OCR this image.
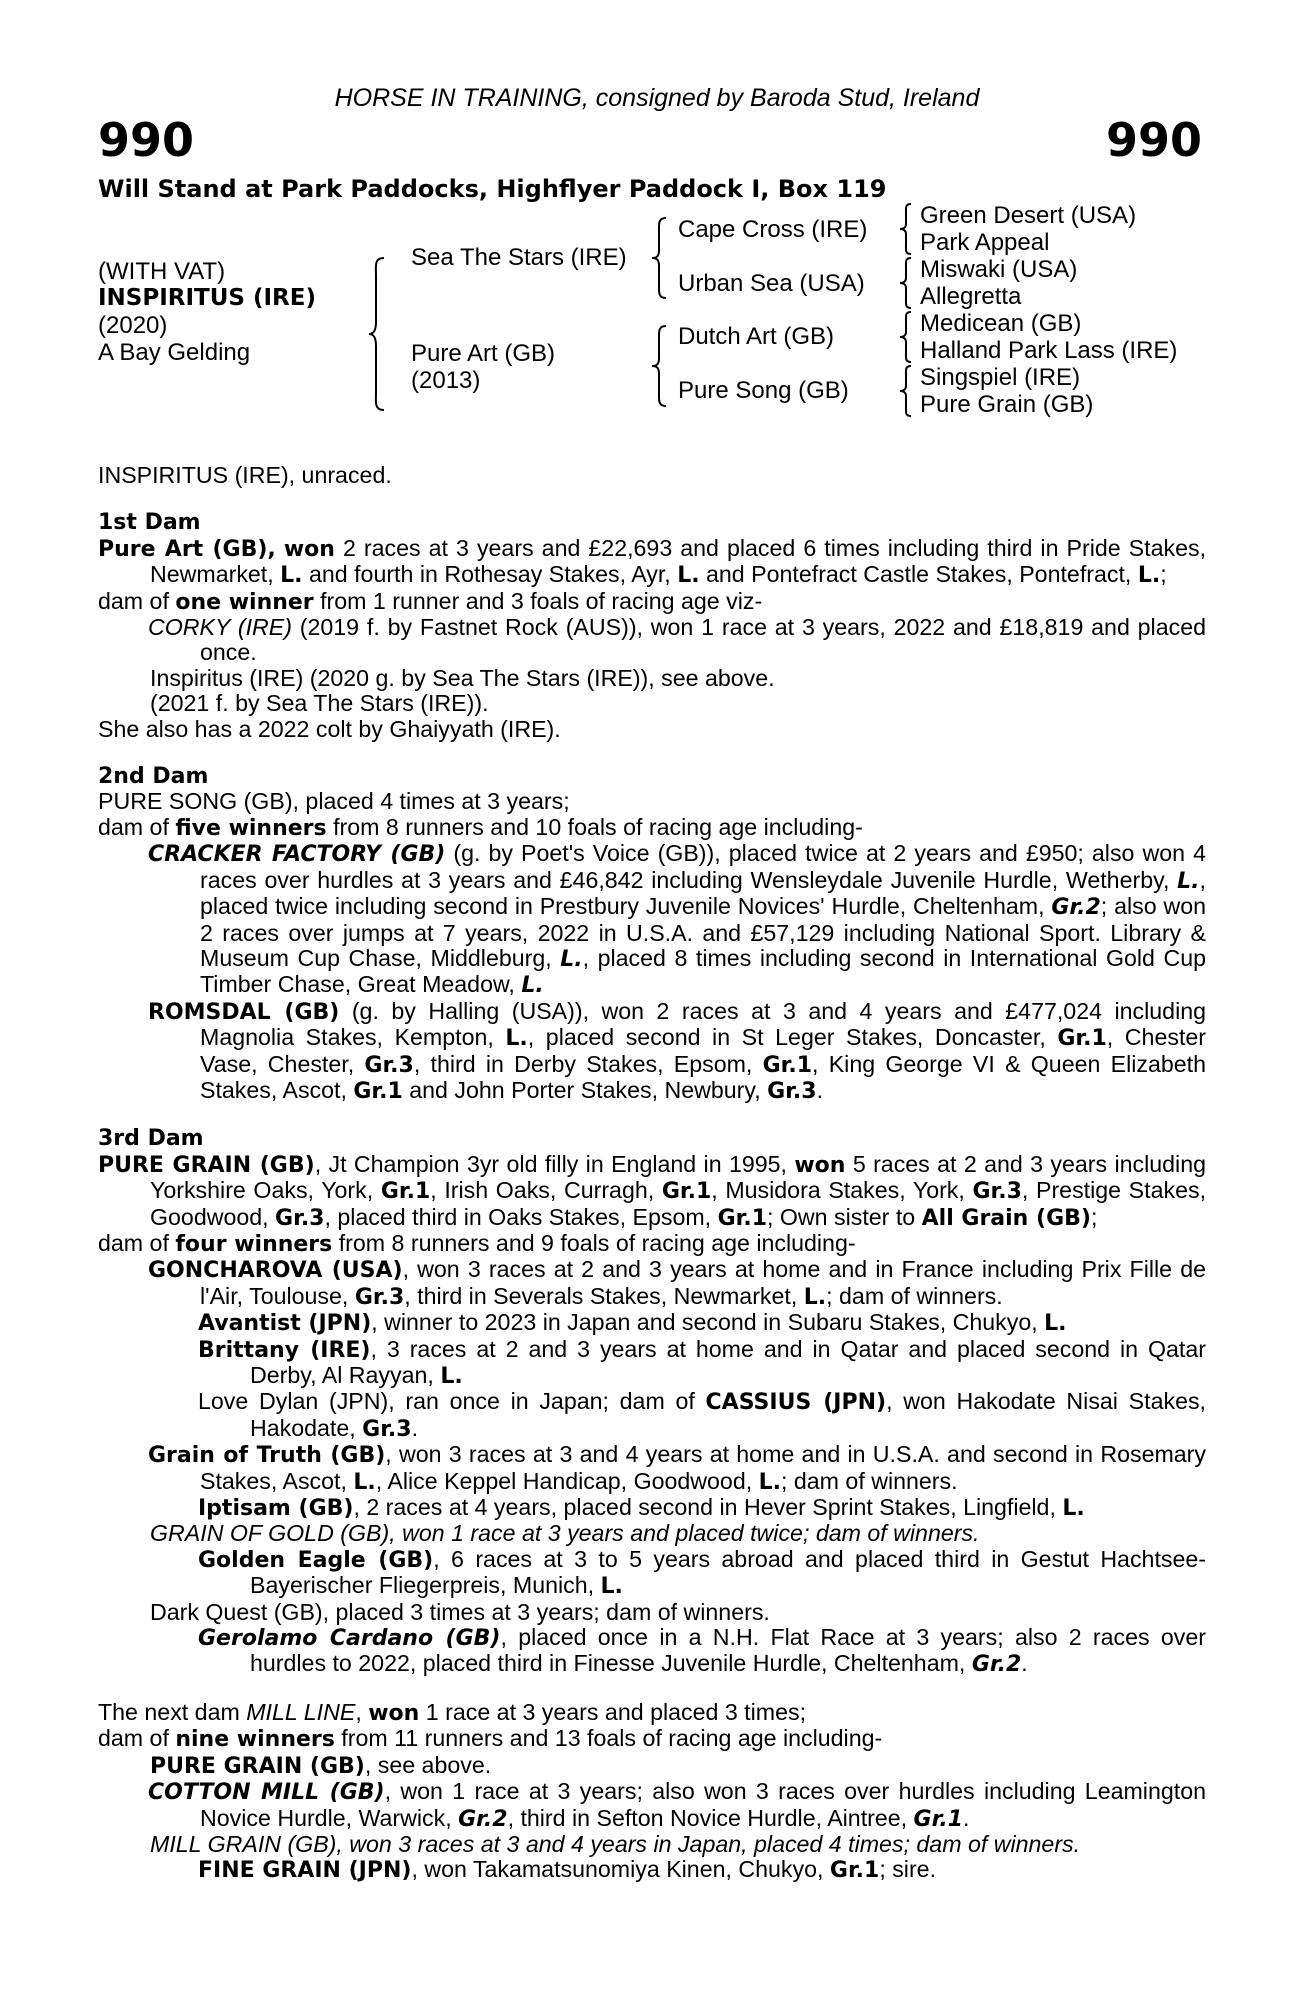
HORSE IN TRAINING, consigned by Baroda Stud, Ireland
990	990
Will Stand at Park Paddocks, Highflyer Paddock I, Box 119
(WITH VAT)
INSPIRITUS (IRE)
(2020)
A Bay Gelding
Sea The Stars (IRE)
Pure Art (GB)
(2013)
Cape Cross (IRE)
Urban Sea (USA)
Dutch Art (GB)
Pure Song (GB)
Green Desert (USA)
Park Appeal
Miswaki (USA)
Allegretta
Medicean (GB)
Halland Park Lass (IRE)
Singspiel (IRE)
Pure Grain (GB)

INSPIRITUS (IRE), unraced.

1st Dam

Pure Art (GB), won 2 races at 3 years and £22,693 and placed 6 times including third in Pride Stakes, Newmarket, L. and fourth in Rothesay Stakes, Ayr, L. and Pontefract Castle Stakes, Pontefract, L.;

dam of one winner from 1 runner and 3 foals of racing age viz-

CORKY (IRE) (2019 f. by Fastnet Rock (AUS)), won 1 race at 3 years, 2022 and £18,819 and placed once.

Inspiritus (IRE) (2020 g. by Sea The Stars (IRE)), see above.

(2021 f. by Sea The Stars (IRE)).

She also has a 2022 colt by Ghaiyyath (IRE).

2nd Dam

PURE SONG (GB), placed 4 times at 3 years;

dam of five winners from 8 runners and 10 foals of racing age including-

CRACKER FACTORY (GB) (g. by Poet's Voice (GB)), placed twice at 2 years and £950; also won 4 races over hurdles at 3 years and £46,842 including Wensleydale Juvenile Hurdle, Wetherby, L., placed twice including second in Prestbury Juvenile Novices' Hurdle, Cheltenham, Gr.2; also won 2 races over jumps at 7 years, 2022 in U.S.A. and £57,129 including National Sport. Library & Museum Cup Chase, Middleburg, L., placed 8 times including second in International Gold Cup Timber Chase, Great Meadow, L.

ROMSDAL (GB) (g. by Halling (USA)), won 2 races at 3 and 4 years and £477,024 including Magnolia Stakes, Kempton, L., placed second in St Leger Stakes, Doncaster, Gr.1, Chester Vase, Chester, Gr.3, third in Derby Stakes, Epsom, Gr.1, King George VI & Queen Elizabeth Stakes, Ascot, Gr.1 and John Porter Stakes, Newbury, Gr.3.

3rd Dam

PURE GRAIN (GB), Jt Champion 3yr old filly in England in 1995, won 5 races at 2 and 3 years including Yorkshire Oaks, York, Gr.1, Irish Oaks, Curragh, Gr.1, Musidora Stakes, York, Gr.3, Prestige Stakes, Goodwood, Gr.3, placed third in Oaks Stakes, Epsom, Gr.1; Own sister to All Grain (GB);

dam of four winners from 8 runners and 9 foals of racing age including-

GONCHAROVA (USA), won 3 races at 2 and 3 years at home and in France including Prix Fille de l'Air, Toulouse, Gr.3, third in Severals Stakes, Newmarket, L.; dam of winners.

Avantist (JPN), winner to 2023 in Japan and second in Subaru Stakes, Chukyo, L.

Brittany (IRE), 3 races at 2 and 3 years at home and in Qatar and placed second in Qatar Derby, Al Rayyan, L.

Love Dylan (JPN), ran once in Japan; dam of CASSIUS (JPN), won Hakodate Nisai Stakes, Hakodate, Gr.3.

Grain of Truth (GB), won 3 races at 3 and 4 years at home and in U.S.A. and second in Rosemary Stakes, Ascot, L., Alice Keppel Handicap, Goodwood, L.; dam of winners.

Iptisam (GB), 2 races at 4 years, placed second in Hever Sprint Stakes, Lingfield, L.

GRAIN OF GOLD (GB), won 1 race at 3 years and placed twice; dam of winners.

Golden Eagle (GB), 6 races at 3 to 5 years abroad and placed third in Gestut Hachtsee-Bayerischer Fliegerpreis, Munich, L.

Dark Quest (GB), placed 3 times at 3 years; dam of winners.

Gerolamo Cardano (GB), placed once in a N.H. Flat Race at 3 years; also 2 races over hurdles to 2022, placed third in Finesse Juvenile Hurdle, Cheltenham, Gr.2.

The next dam MILL LINE, won 1 race at 3 years and placed 3 times;

dam of nine winners from 11 runners and 13 foals of racing age including-

PURE GRAIN (GB), see above.

COTTON MILL (GB), won 1 race at 3 years; also won 3 races over hurdles including Leamington Novice Hurdle, Warwick, Gr.2, third in Sefton Novice Hurdle, Aintree, Gr.1.

MILL GRAIN (GB), won 3 races at 3 and 4 years in Japan, placed 4 times; dam of winners.

FINE GRAIN (JPN), won Takamatsunomiya Kinen, Chukyo, Gr.1; sire.
